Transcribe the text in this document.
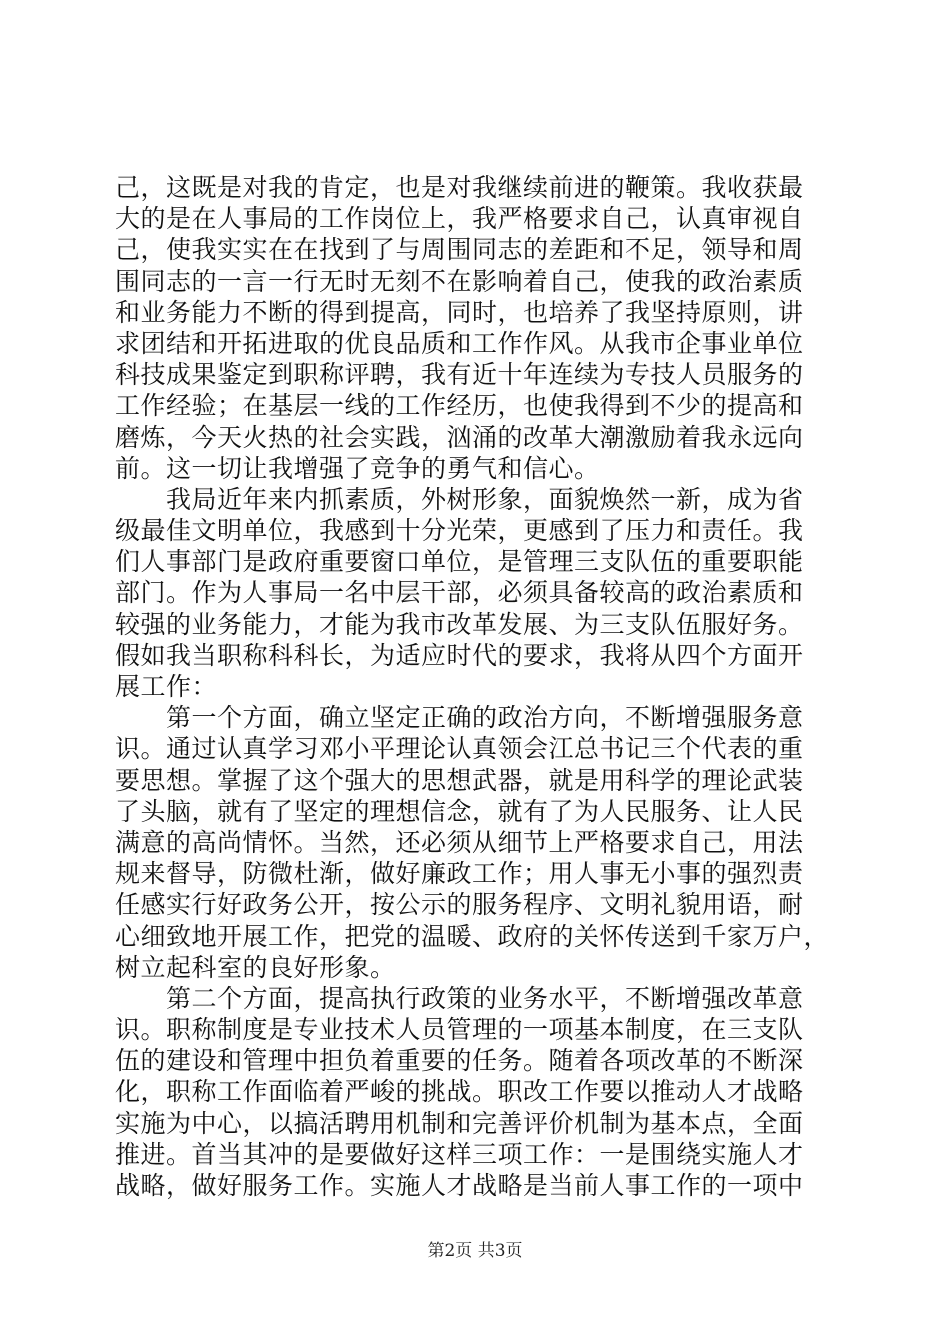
己，这既是对我的肯定，也是对我继续前进的鞭策。我收获最
大的是在人事局的工作岗位上，我严格要求自己，认真审视自
己，使我实实在在找到了与周围同志的差距和不足，领导和周
围同志的一言一行无时无刻不在影响着自己，使我的政治素质
和业务能力不断的得到提高，同时，也培养了我坚持原则，讲
求团结和开拓进取的优良品质和工作作风。从我市企事业单位
科技成果鉴定到职称评聘，我有近十年连续为专技人员服务的
工作经验；在基层一线的工作经历，也使我得到不少的提高和
磨炼，今天火热的社会实践，汹涌的改革大潮激励着我永远向
前。这一切让我增强了竞争的勇气和信心。
　　我局近年来内抓素质，外树形象，面貌焕然一新，成为省
级最佳文明单位，我感到十分光荣，更感到了压力和责任。我
们人事部门是政府重要窗口单位，是管理三支队伍的重要职能
部门。作为人事局一名中层干部，必须具备较高的政治素质和
较强的业务能力，才能为我市改革发展、为三支队伍服好务。
假如我当职称科科长，为适应时代的要求，我将从四个方面开
展工作：
　　第一个方面，确立坚定正确的政治方向，不断增强服务意
识。通过认真学习邓小平理论认真领会江总书记三个代表的重
要思想。掌握了这个强大的思想武器，就是用科学的理论武装
了头脑，就有了坚定的理想信念，就有了为人民服务、让人民
满意的高尚情怀。当然，还必须从细节上严格要求自己，用法
规来督导，防微杜渐，做好廉政工作；用人事无小事的强烈责
任感实行好政务公开，按公示的服务程序、文明礼貌用语，耐
心细致地开展工作，把党的温暖、政府的关怀传送到千家万户，
树立起科室的良好形象。
　　第二个方面，提高执行政策的业务水平，不断增强改革意
识。职称制度是专业技术人员管理的一项基本制度，在三支队
伍的建设和管理中担负着重要的任务。随着各项改革的不断深
化，职称工作面临着严峻的挑战。职改工作要以推动人才战略
实施为中心，以搞活聘用机制和完善评价机制为基本点，全面
推进。首当其冲的是要做好这样三项工作：一是围绕实施人才
战略，做好服务工作。实施人才战略是当前人事工作的一项中
第2页 共3页
